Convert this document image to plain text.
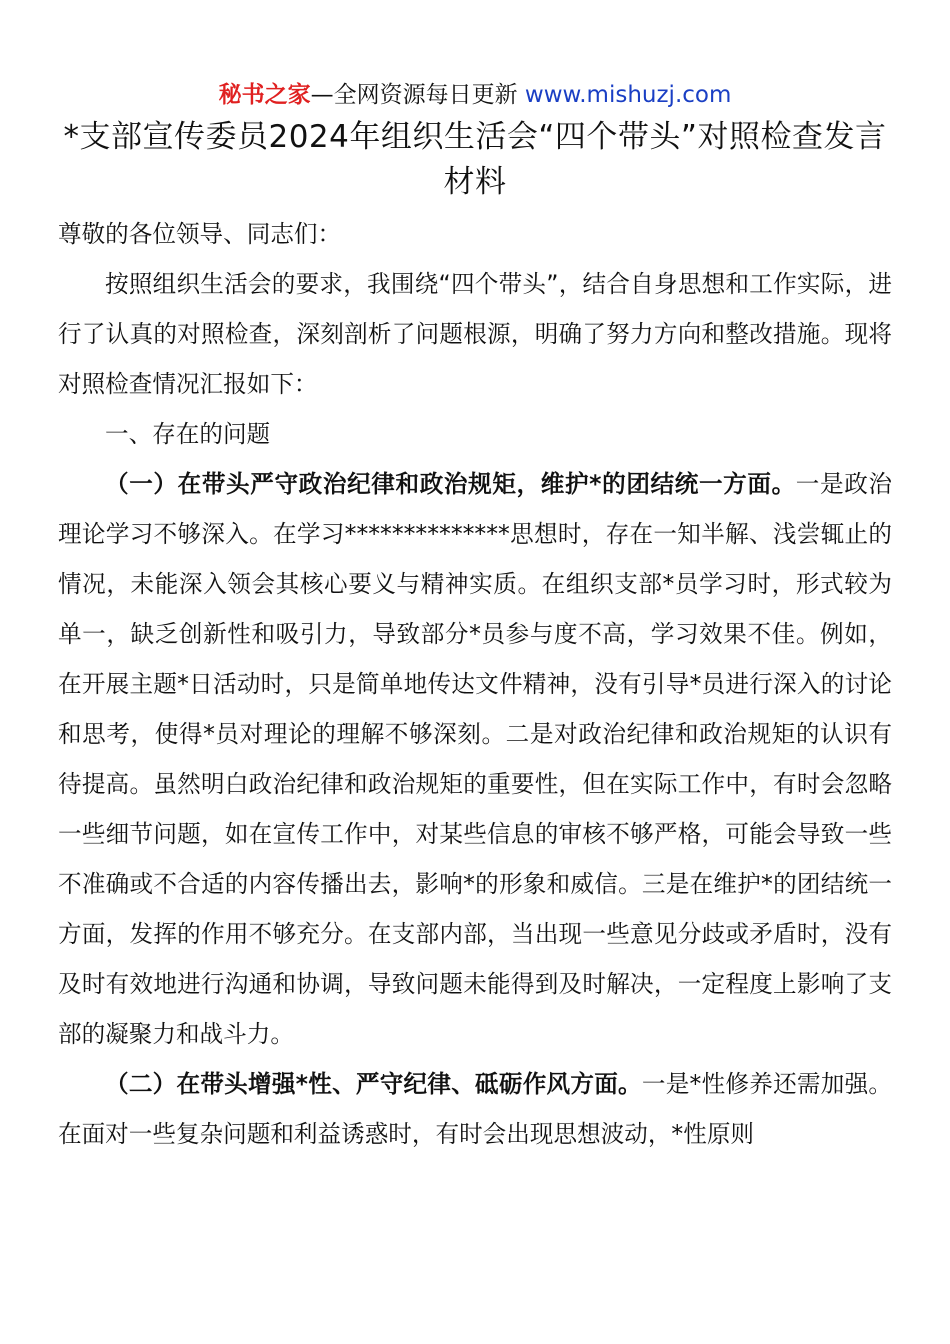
秘书之家—全网资源每日更新 www.mishuzj.com
*支部宣传委员2024年组织生活会“四个带头”对照检查发言材料

尊敬的各位领导、同志们：

按照组织生活会的要求，我围绕“四个带头”，结合自身思想和工作实际，进行了认真的对照检查，深刻剖析了问题根源，明确了努力方向和整改措施。现将对照检查情况汇报如下：

一、存在的问题

（一）在带头严守政治纪律和政治规矩，维护*的团结统一方面。一是政治理论学习不够深入。在学习**************思想时，存在一知半解、浅尝辄止的情况，未能深入领会其核心要义与精神实质。在组织支部*员学习时，形式较为单一，缺乏创新性和吸引力，导致部分*员参与度不高，学习效果不佳。例如，在开展主题*日活动时，只是简单地传达文件精神，没有引导*员进行深入的讨论和思考，使得*员对理论的理解不够深刻。二是对政治纪律和政治规矩的认识有待提高。虽然明白政治纪律和政治规矩的重要性，但在实际工作中，有时会忽略一些细节问题，如在宣传工作中，对某些信息的审核不够严格，可能会导致一些不准确或不合适的内容传播出去，影响*的形象和威信。三是在维护*的团结统一方面，发挥的作用不够充分。在支部内部，当出现一些意见分歧或矛盾时，没有及时有效地进行沟通和协调，导致问题未能得到及时解决，一定程度上影响了支部的凝聚力和战斗力。

（二）在带头增强*性、严守纪律、砥砺作风方面。一是*性修养还需加强。在面对一些复杂问题和利益诱惑时，有时会出现思想波动，*性原则
